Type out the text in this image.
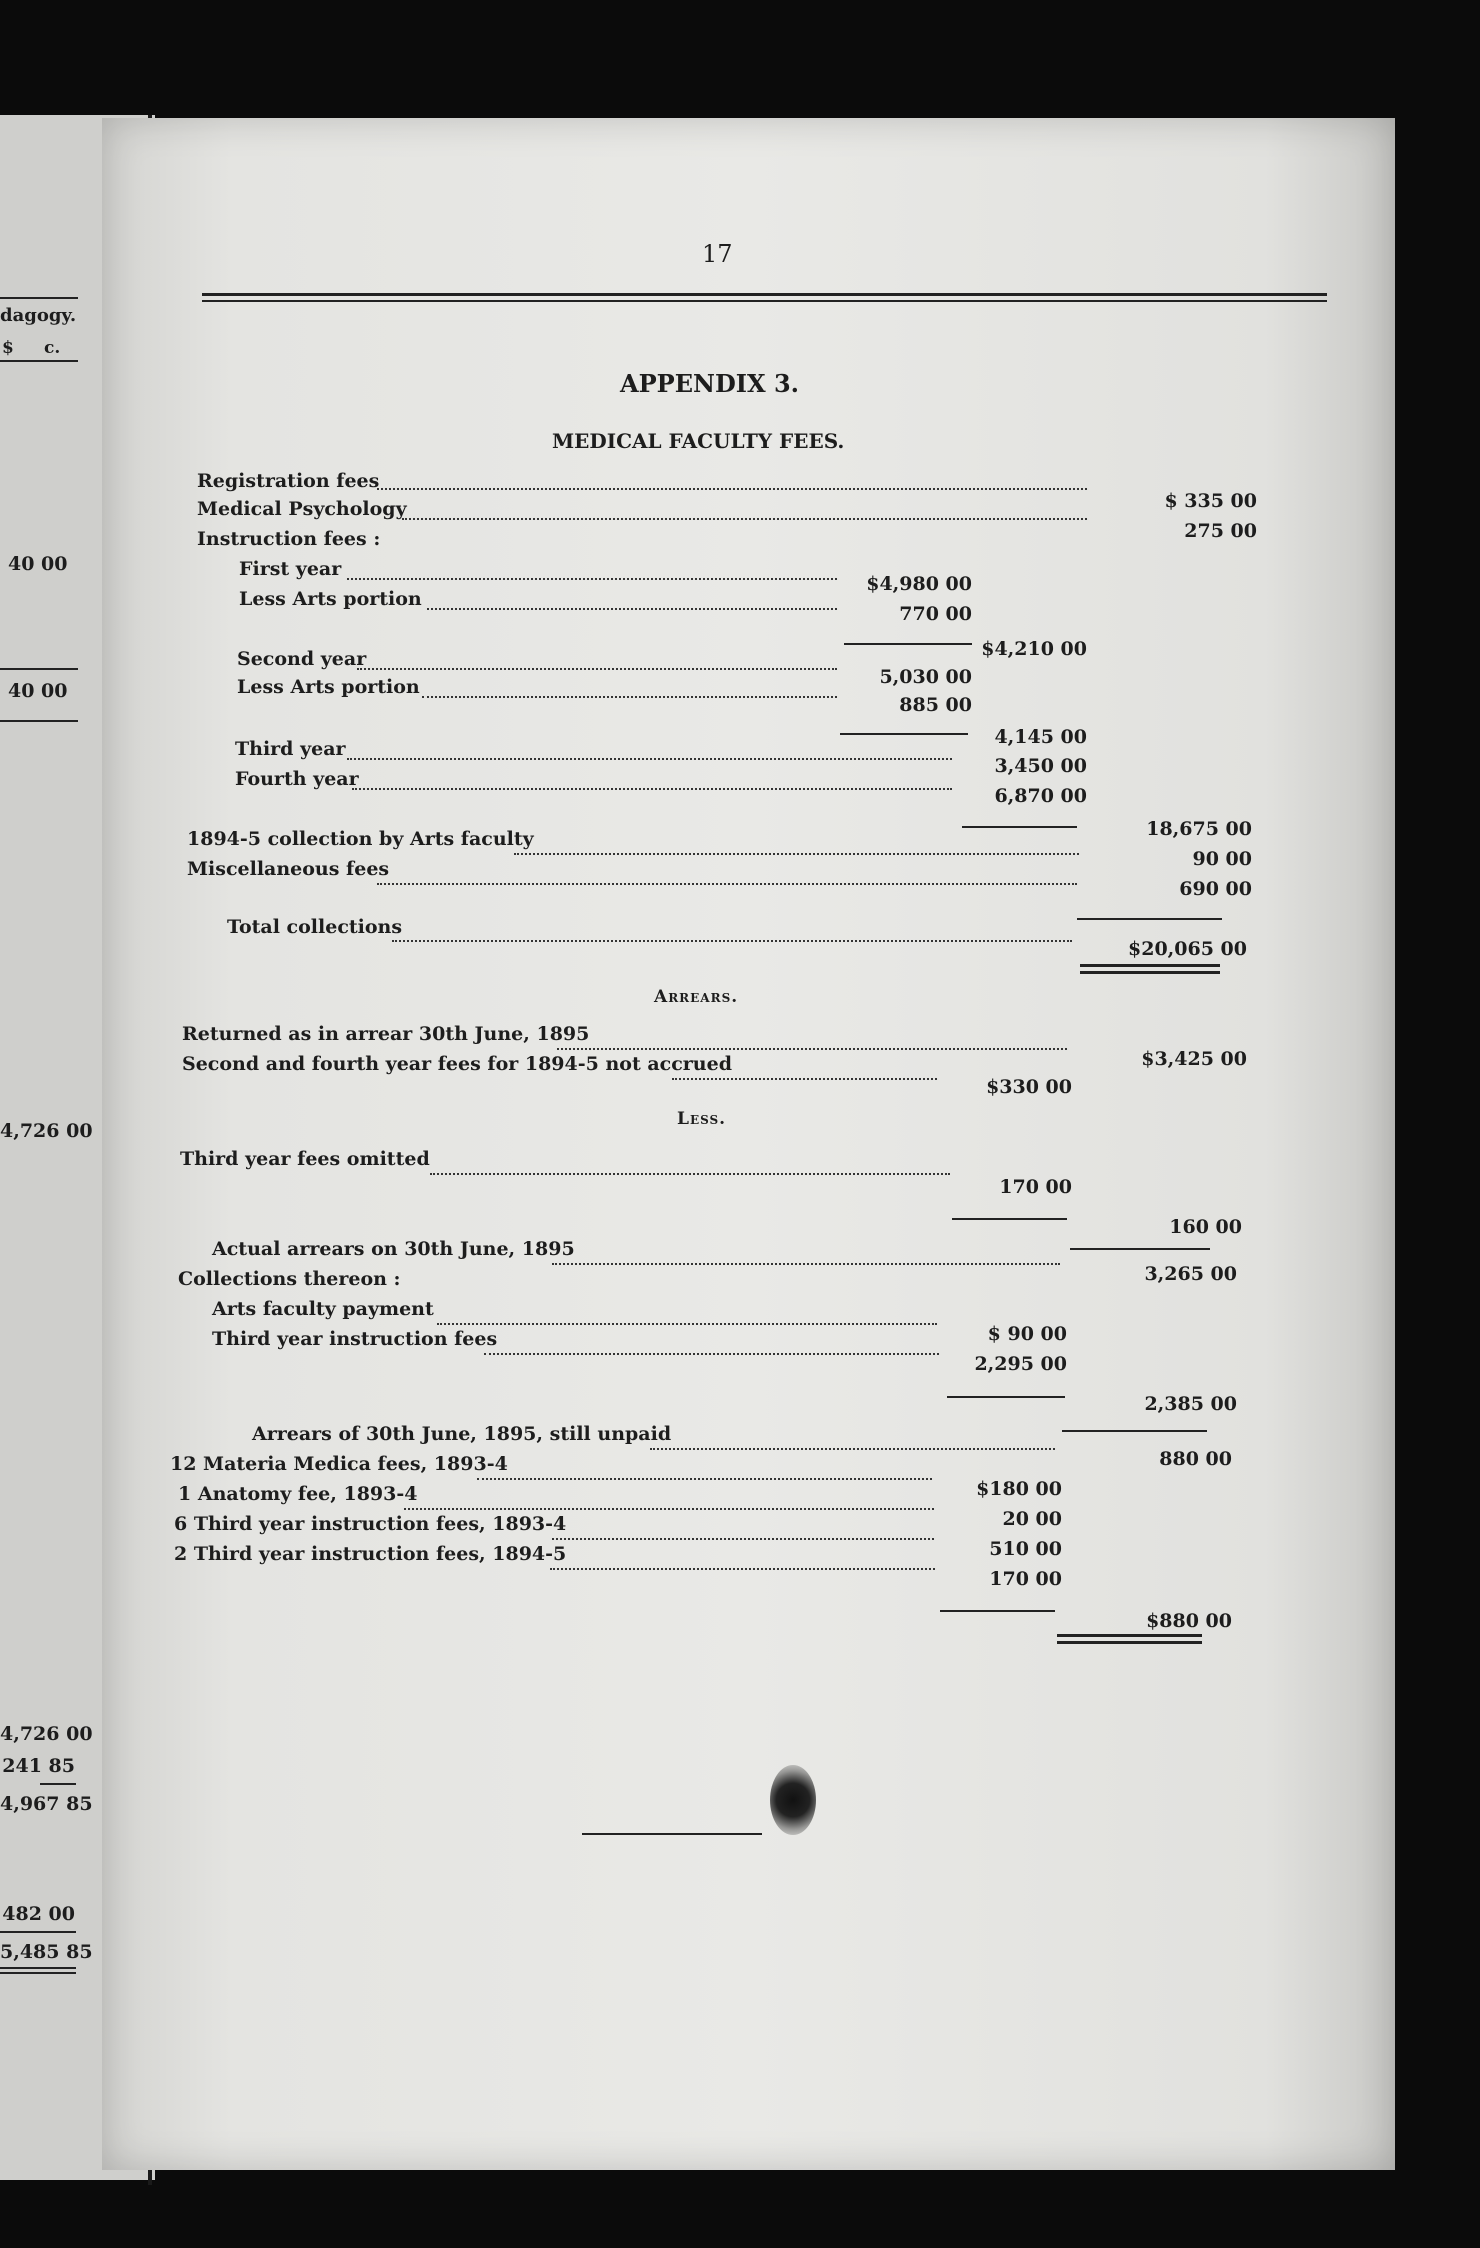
dagogy.
$ c.
40 00
40 00
4,726 00
4,726 00
241 85
4,967 85
482 00
5,485 85
17
APPENDIX 3.
MEDICAL FACULTY FEES.
Registration fees
$ 335 00
Medical Psychology
275 00
Instruction fees :
First year
$4,980 00
Less Arts portion
770 00
$4,210 00
Second year
5,030 00
Less Arts portion
885 00
4,145 00
Third year
3,450 00
Fourth year
6,870 00
18,675 00
1894-5 collection by Arts faculty
90 00
Miscellaneous fees
690 00
Total collections
$20,065 00
Arrears.
Returned as in arrear 30th June, 1895
$3,425 00
Second and fourth year fees for 1894-5 not accrued
$330 00
Less.
Third year fees omitted
170 00
160 00
Actual arrears on 30th June, 1895
3,265 00
Collections thereon :
Arts faculty payment
$ 90 00
Third year instruction fees
2,295 00
2,385 00
Arrears of 30th June, 1895, still unpaid
880 00
12 Materia Medica fees, 1893-4
$180 00
1 Anatomy fee, 1893-4
20 00
6 Third year instruction fees, 1893-4
510 00
2 Third year instruction fees, 1894-5
170 00
$880 00
